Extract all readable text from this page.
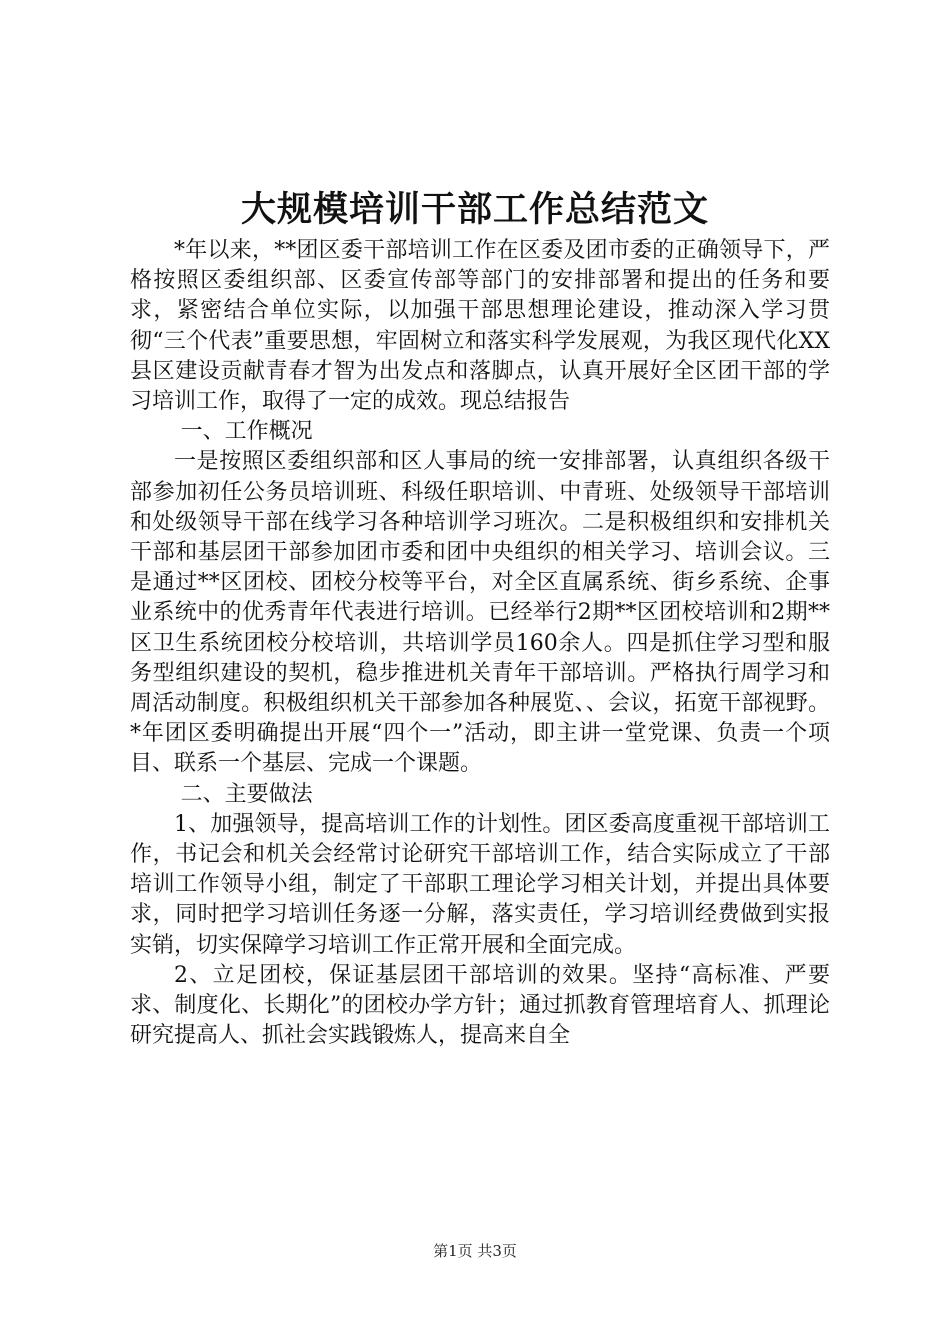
大规模培训干部工作总结范文

*年以来，**团区委干部培训工作在区委及团市委的正确领导下，严格按照区委组织部、区委宣传部等部门的安排部署和提出的任务和要求，紧密结合单位实际，以加强干部思想理论建设，推动深入学习贯彻“三个代表”重要思想，牢固树立和落实科学发展观，为我区现代化XX县区建设贡献青春才智为出发点和落脚点，认真开展好全区团干部的学习培训工作，取得了一定的成效。现总结报告

一、工作概况

一是按照区委组织部和区人事局的统一安排部署，认真组织各级干部参加初任公务员培训班、科级任职培训、中青班、处级领导干部培训和处级领导干部在线学习各种培训学习班次。二是积极组织和安排机关干部和基层团干部参加团市委和团中央组织的相关学习、培训会议。三是通过**区团校、团校分校等平台，对全区直属系统、街乡系统、企事业系统中的优秀青年代表进行培训。已经举行2期**区团校培训和2期**区卫生系统团校分校培训，共培训学员160余人。四是抓住学习型和服务型组织建设的契机，稳步推进机关青年干部培训。严格执行周学习和周活动制度。积极组织机关干部参加各种展览、、会议，拓宽干部视野。*年团区委明确提出开展“四个一”活动，即主讲一堂党课、负责一个项目、联系一个基层、完成一个课题。

二、主要做法

1、加强领导，提高培训工作的计划性。团区委高度重视干部培训工作，书记会和机关会经常讨论研究干部培训工作，结合实际成立了干部培训工作领导小组，制定了干部职工理论学习相关计划，并提出具体要求，同时把学习培训任务逐一分解，落实责任，学习培训经费做到实报实销，切实保障学习培训工作正常开展和全面完成。

2、立足团校，保证基层团干部培训的效果。坚持“高标准、严要求、制度化、长期化”的团校办学方针；通过抓教育管理培育人、抓理论研究提高人、抓社会实践锻炼人，提高来自全

第1页 共3页
